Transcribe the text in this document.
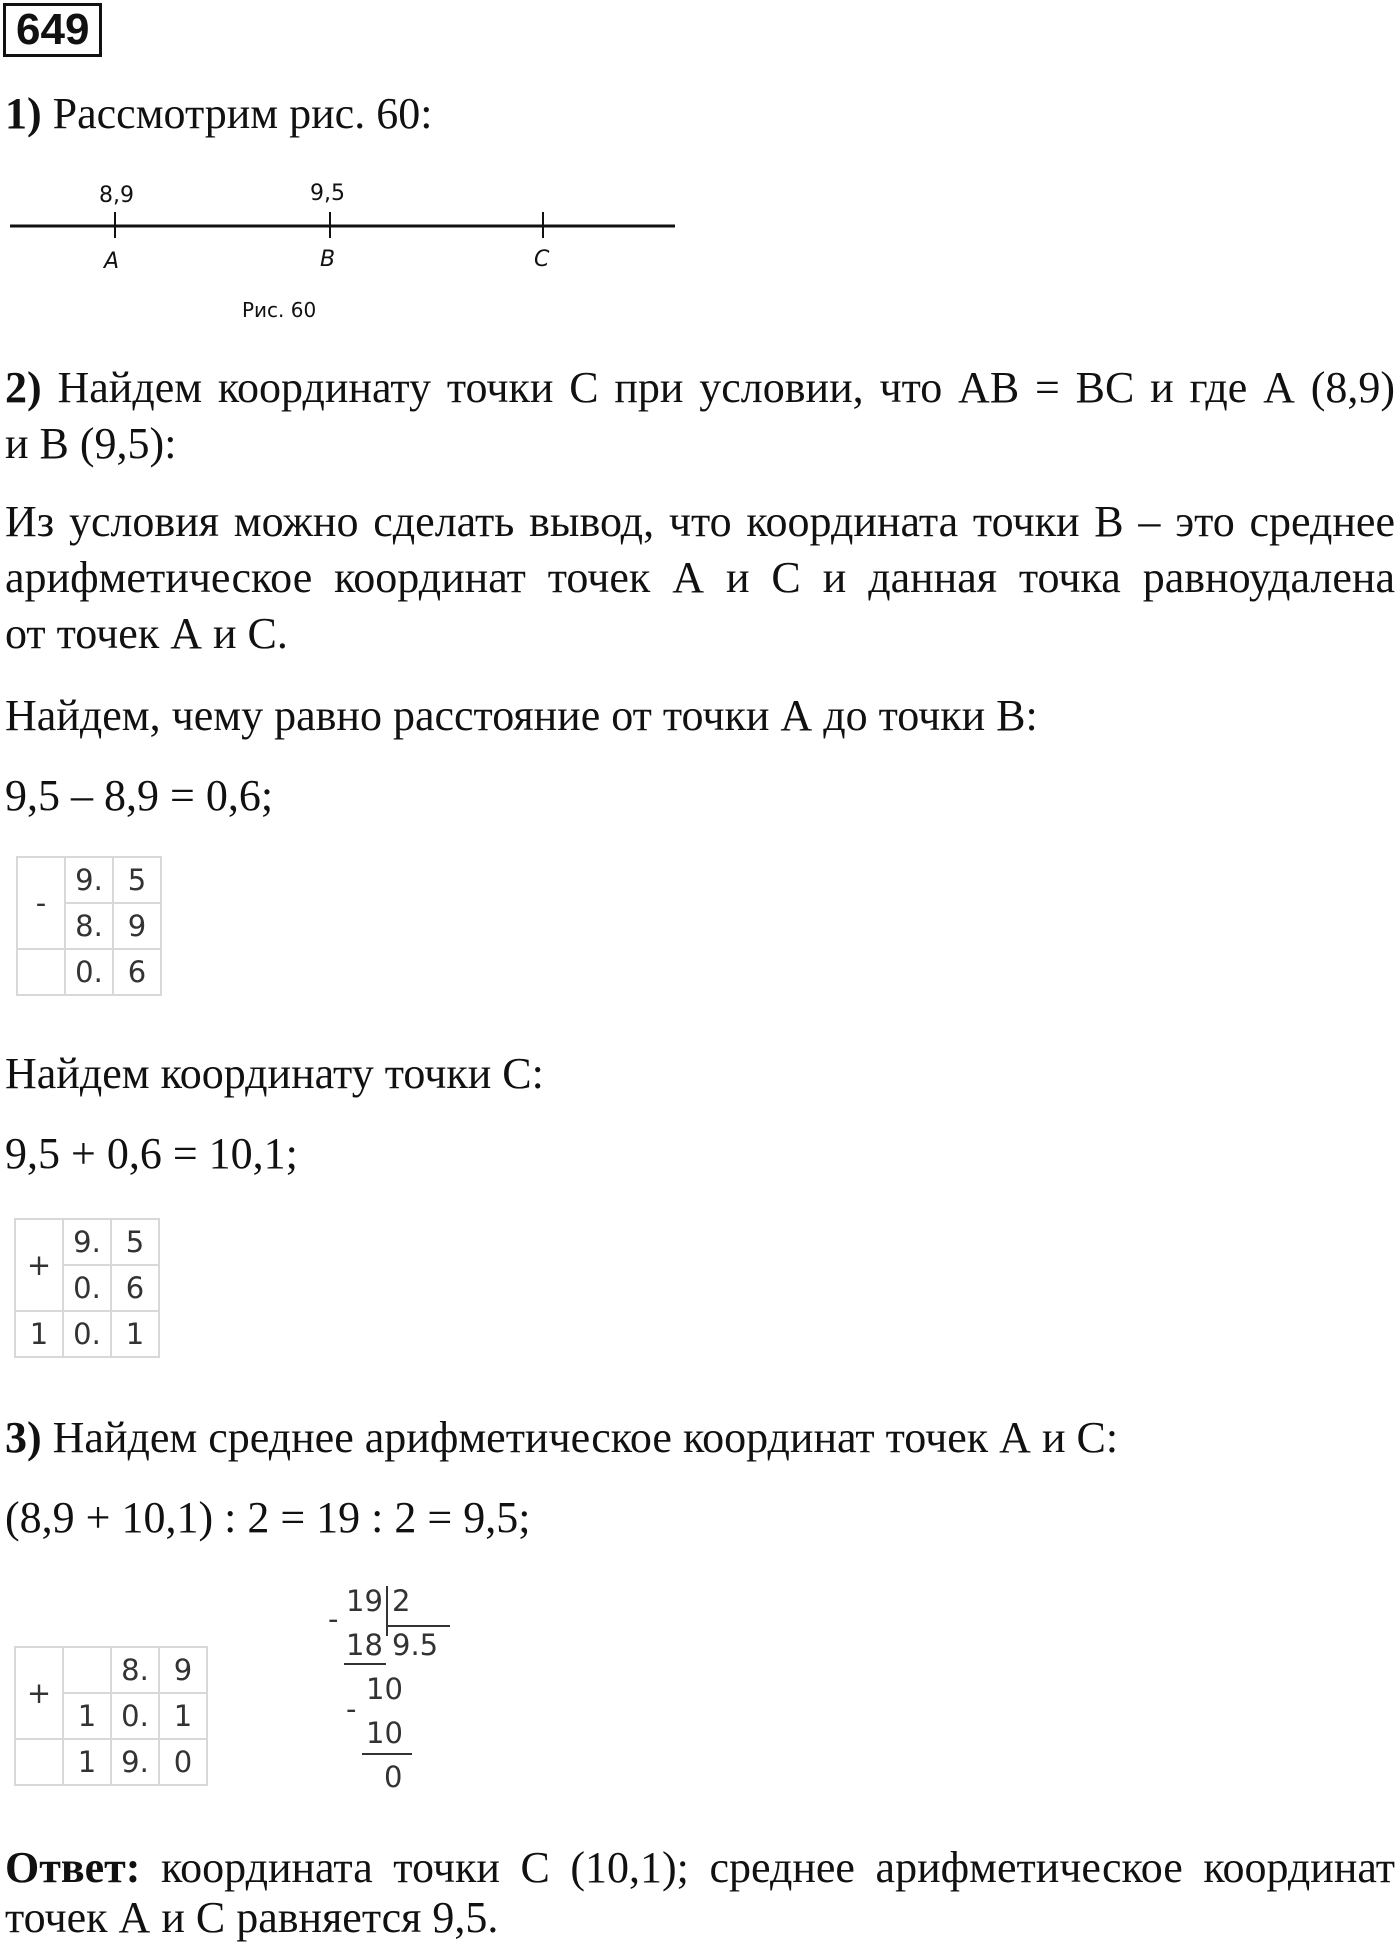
649
1) Рассмотрим рис. 60:
8,9	9,5
A	B	C
Рис. 60
2) Найдем координату точки С при условии, что АВ = ВС и где А (8,9)
и В (9,5):
Из условия можно сделать вывод, что координата точки В – это среднее
арифметическое координат точек А и С и данная точка равноудалена
от точек А и С.
Найдем, чему равно расстояние от точки А до точки В:
9,5 – 8,9 = 0,6;
-	9.	5
	8.	9
	0.	6
Найдем координату точки С:
9,5 + 0,6 = 10,1;
+	9.	5
	0.	6
1	0.	1
3) Найдем среднее арифметическое координат точек А и С:
(8,9 + 10,1) : 2 = 19 : 2 = 9,5;
+		8.	9
	1	0.	1
	1	9.	0
19 2
-
18 9.5
10
-
10
0
Ответ: координата точки С (10,1); среднее арифметическое координат
точек А и С равняется 9,5.
